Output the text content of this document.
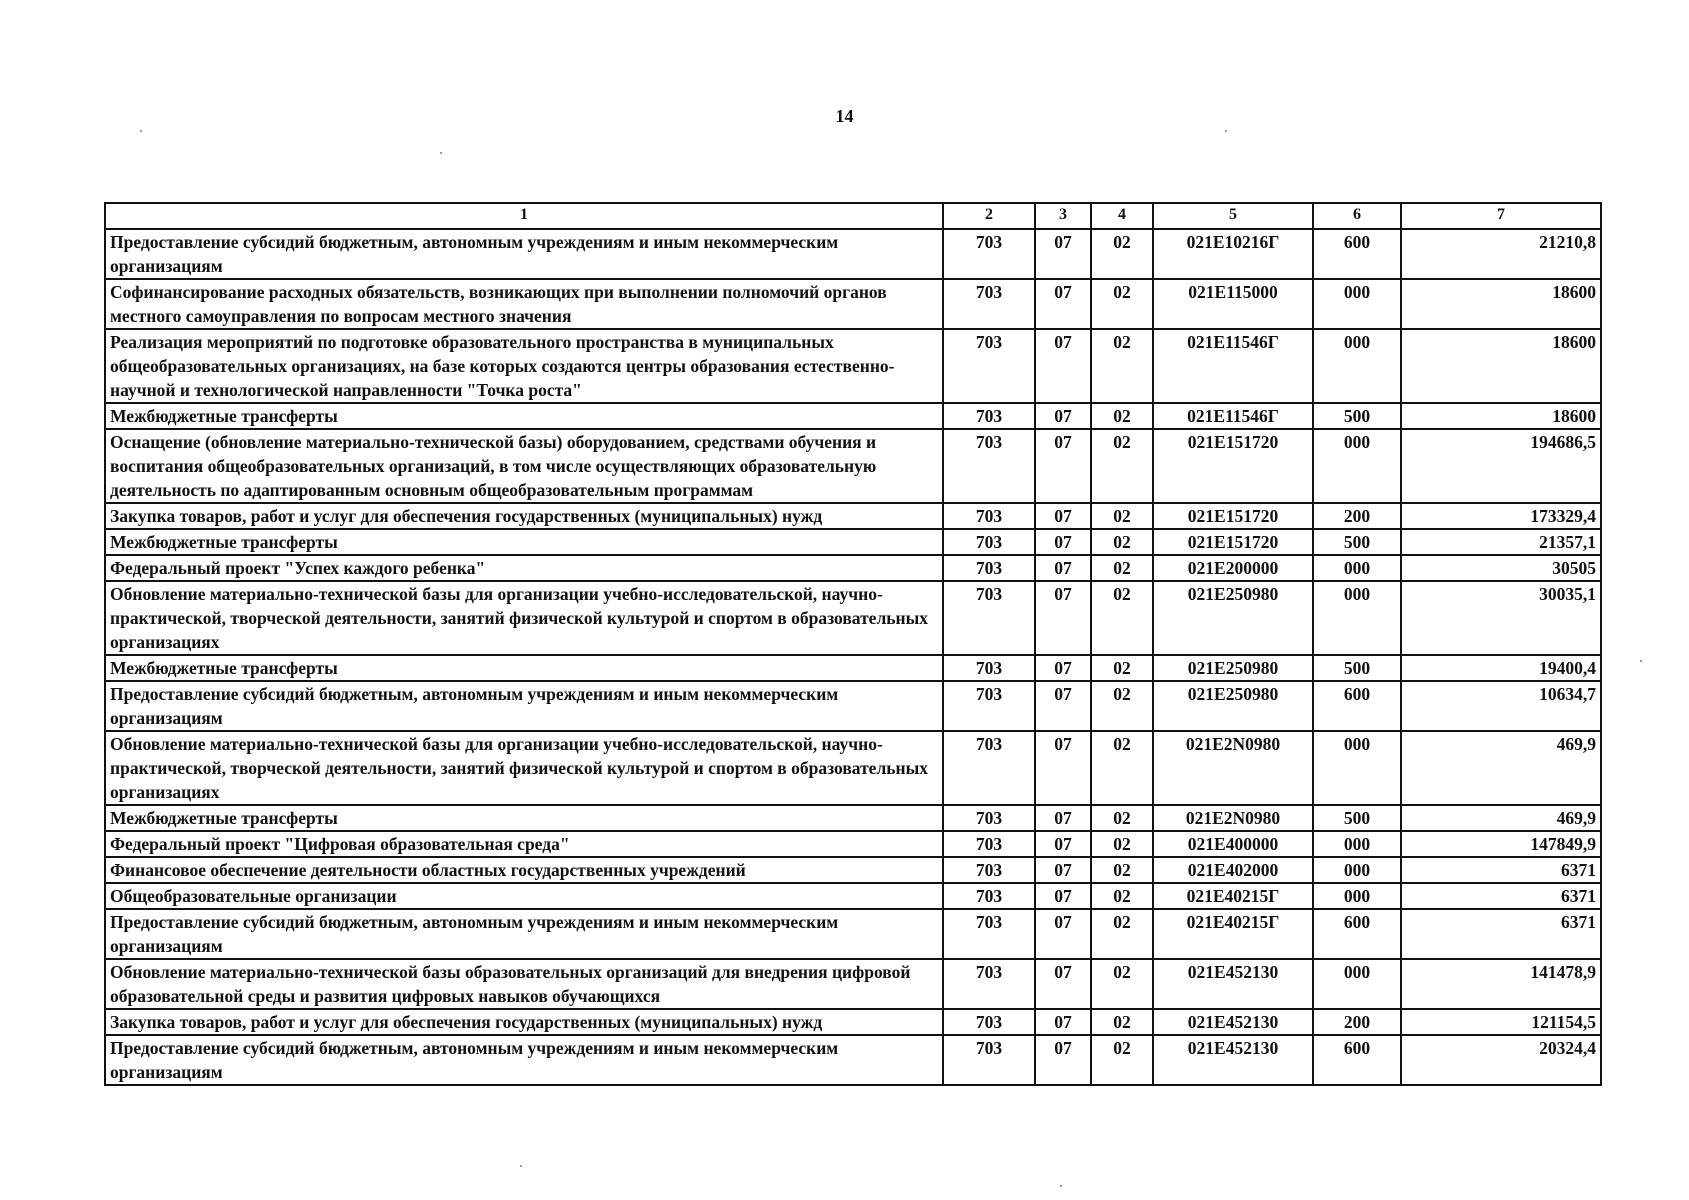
14
1	2	3	4	5	6	7
Предоставление субсидий бюджетным, автономным учреждениям и иным некоммерческим организациям	703	07	02	021E10216Г	600	21210,8
Софинансирование расходных обязательств, возникающих при выполнении полномочий органов местного самоуправления по вопросам местного значения	703	07	02	021E115000	000	18600
Реализация мероприятий по подготовке образовательного пространства в муниципальных общеобразовательных организациях, на базе которых создаются центры образования естественно-научной и технологической направленности "Точка роста"	703	07	02	021E11546Г	000	18600
Межбюджетные трансферты	703	07	02	021E11546Г	500	18600
Оснащение (обновление материально-технической базы) оборудованием, средствами обучения и воспитания общеобразовательных организаций, в том числе осуществляющих образовательную деятельность по адаптированным основным общеобразовательным программам	703	07	02	021E151720	000	194686,5
Закупка товаров, работ и услуг для обеспечения государственных (муниципальных) нужд	703	07	02	021E151720	200	173329,4
Межбюджетные трансферты	703	07	02	021E151720	500	21357,1
Федеральный проект "Успех каждого ребенка"	703	07	02	021E200000	000	30505
Обновление материально-технической базы для организации учебно-исследовательской, научно-практической, творческой деятельности, занятий физической культурой и спортом в образовательных организациях	703	07	02	021E250980	000	30035,1
Межбюджетные трансферты	703	07	02	021E250980	500	19400,4
Предоставление субсидий бюджетным, автономным учреждениям и иным некоммерческим организациям	703	07	02	021E250980	600	10634,7
Обновление материально-технической базы для организации учебно-исследовательской, научно-практической, творческой деятельности, занятий физической культурой и спортом в образовательных организациях	703	07	02	021E2N0980	000	469,9
Межбюджетные трансферты	703	07	02	021E2N0980	500	469,9
Федеральный проект "Цифровая образовательная среда"	703	07	02	021E400000	000	147849,9
Финансовое обеспечение деятельности областных государственных учреждений	703	07	02	021E402000	000	6371
Общеобразовательные организации	703	07	02	021E40215Г	000	6371
Предоставление субсидий бюджетным, автономным учреждениям и иным некоммерческим организациям	703	07	02	021E40215Г	600	6371
Обновление материально-технической базы образовательных организаций для внедрения цифровой образовательной среды и развития цифровых навыков обучающихся	703	07	02	021E452130	000	141478,9
Закупка товаров, работ и услуг для обеспечения государственных (муниципальных) нужд	703	07	02	021E452130	200	121154,5
Предоставление субсидий бюджетным, автономным учреждениям и иным некоммерческим организациям	703	07	02	021E452130	600	20324,4
